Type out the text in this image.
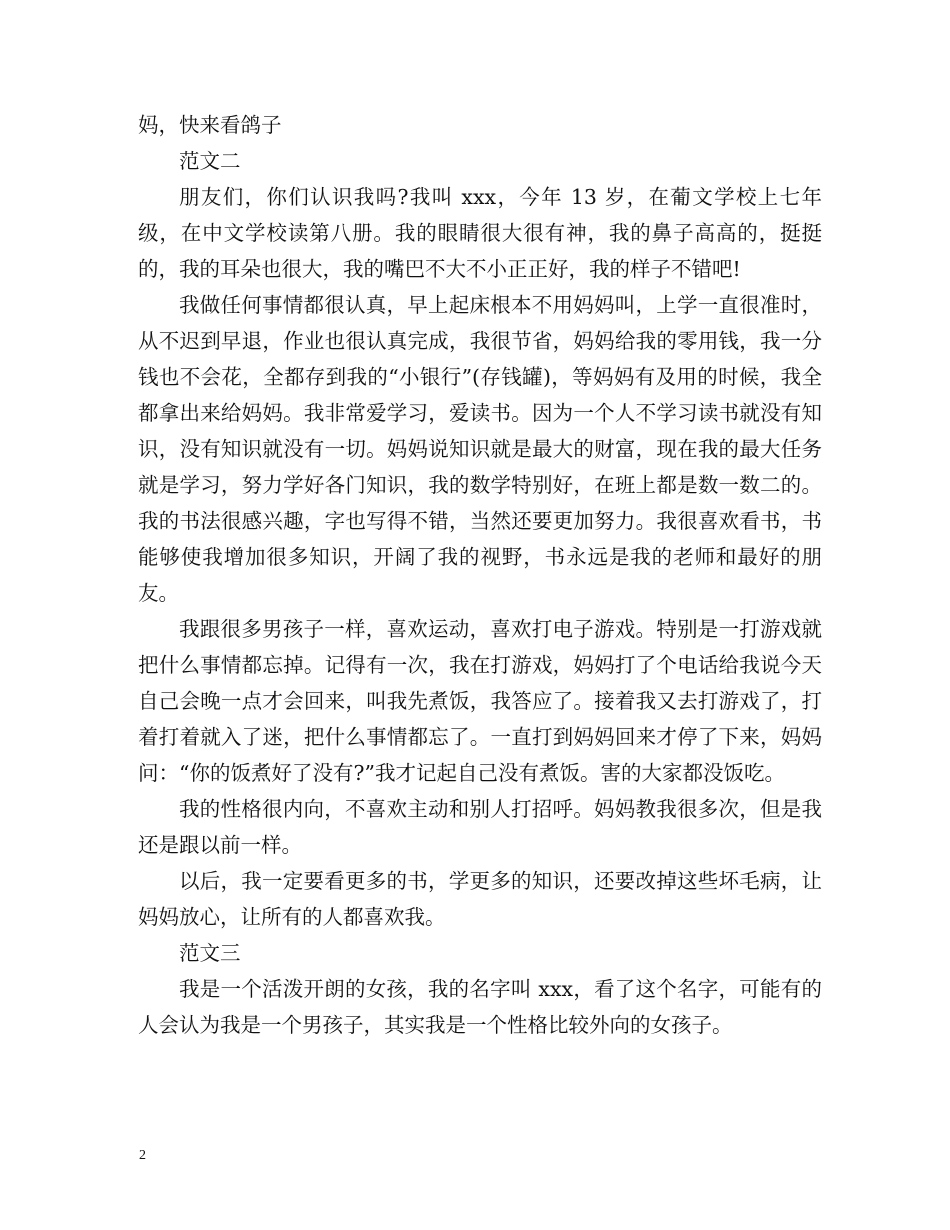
妈，快来看鸽子

范文二

朋友们，你们认识我吗?我叫 xxx，今年 13 岁，在葡文学校上七年级，在中文学校读第八册。我的眼睛很大很有神，我的鼻子高高的，挺挺的，我的耳朵也很大，我的嘴巴不大不小正正好，我的样子不错吧!

我做任何事情都很认真，早上起床根本不用妈妈叫，上学一直很准时，从不迟到早退，作业也很认真完成，我很节省，妈妈给我的零用钱，我一分钱也不会花，全都存到我的“小银行”(存钱罐)，等妈妈有及用的时候，我全都拿出来给妈妈。我非常爱学习，爱读书。因为一个人不学习读书就没有知识，没有知识就没有一切。妈妈说知识就是最大的财富，现在我的最大任务就是学习，努力学好各门知识，我的数学特别好，在班上都是数一数二的。我的书法很感兴趣，字也写得不错，当然还要更加努力。我很喜欢看书，书能够使我增加很多知识，开阔了我的视野，书永远是我的老师和最好的朋友。

我跟很多男孩子一样，喜欢运动，喜欢打电子游戏。特别是一打游戏就把什么事情都忘掉。记得有一次，我在打游戏，妈妈打了个电话给我说今天自己会晚一点才会回来，叫我先煮饭，我答应了。接着我又去打游戏了，打着打着就入了迷，把什么事情都忘了。一直打到妈妈回来才停了下来，妈妈问：“你的饭煮好了没有?”我才记起自己没有煮饭。害的大家都没饭吃。

我的性格很内向，不喜欢主动和别人打招呼。妈妈教我很多次，但是我还是跟以前一样。

以后，我一定要看更多的书，学更多的知识，还要改掉这些坏毛病，让妈妈放心，让所有的人都喜欢我。

范文三

我是一个活泼开朗的女孩，我的名字叫 xxx，看了这个名字，可能有的人会认为我是一个男孩子，其实我是一个性格比较外向的女孩子。

2
